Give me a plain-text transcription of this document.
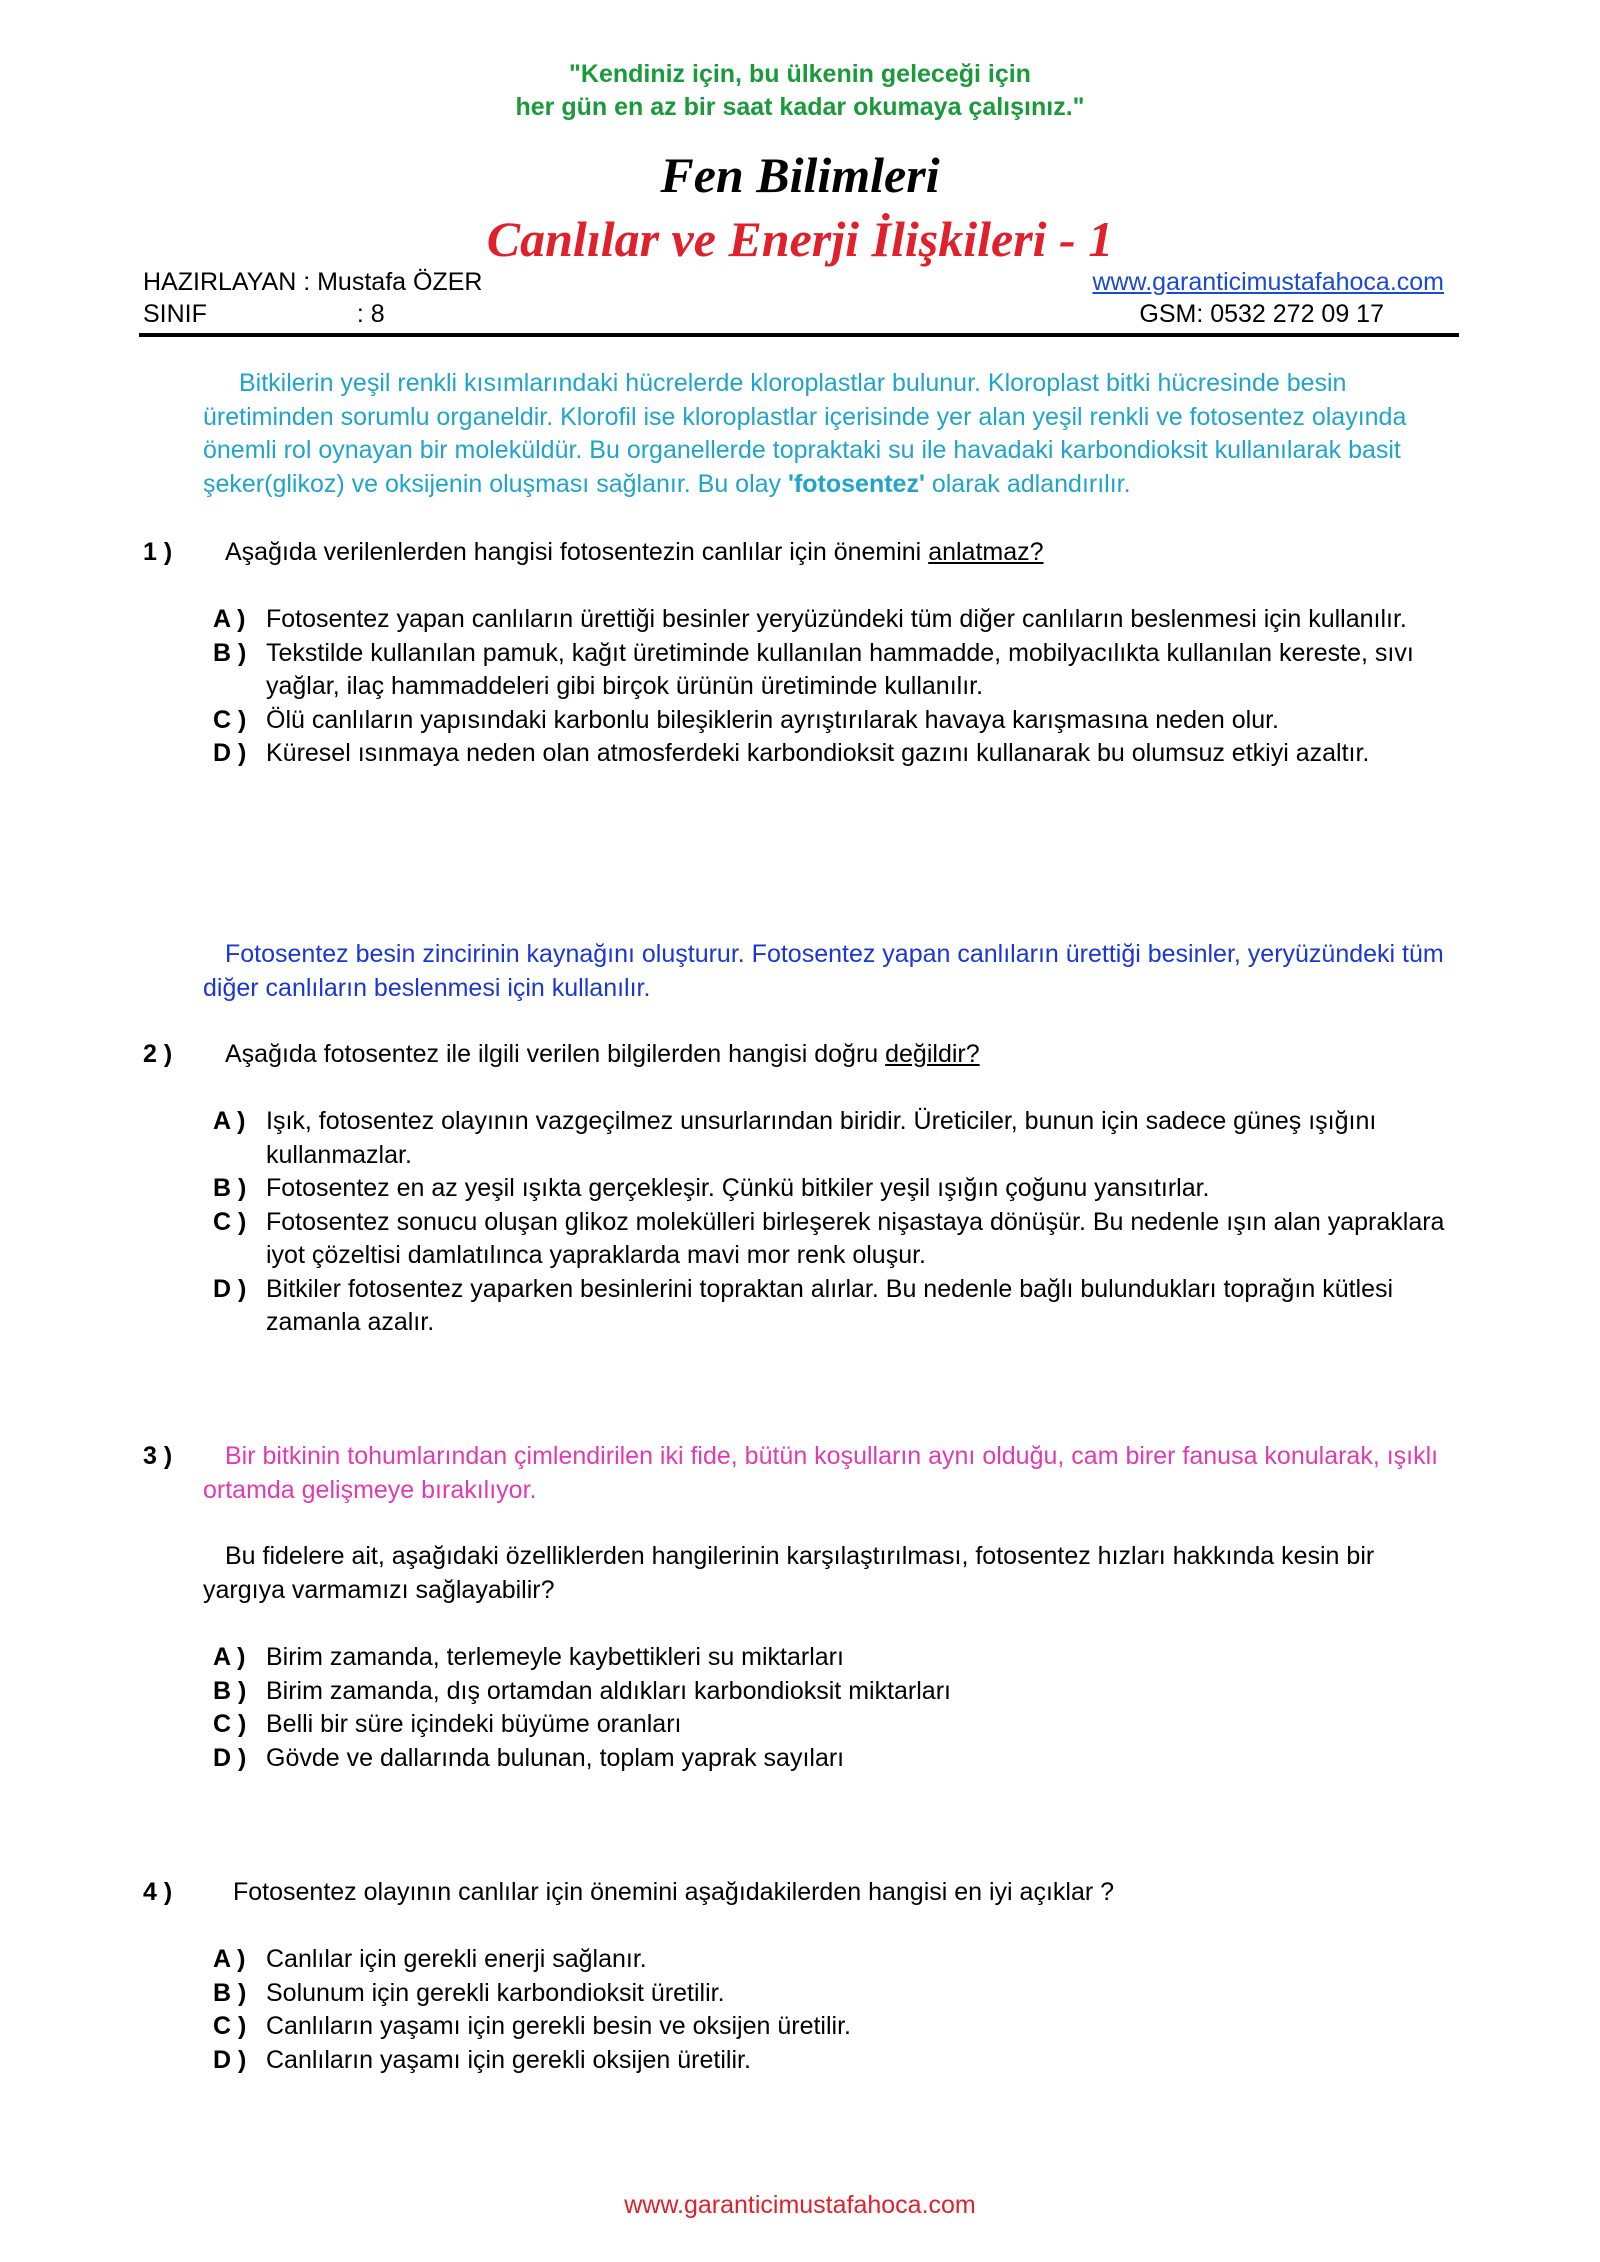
"Kendiniz için, bu ülkenin geleceği için
her gün en az bir saat kadar okumaya çalışınız."
Fen Bilimleri
Canlılar ve Enerji İlişkileri - 1
HAZIRLAYAN : Mustafa ÖZER
SINIF	: 8
www.garanticimustafahoca.com
GSM: 0532 272 09 17
Bitkilerin yeşil renkli kısımlarındaki hücrelerde kloroplastlar bulunur. Kloroplast bitki hücresinde besin üretiminden sorumlu organeldir. Klorofil ise kloroplastlar içerisinde yer alan yeşil renkli ve fotosentez olayında önemli rol oynayan bir moleküldür. Bu organellerde topraktaki su ile havadaki karbondioksit kullanılarak basit şeker(glikoz) ve oksijenin oluşması sağlanır. Bu olay 'fotosentez' olarak adlandırılır.
1 ) Aşağıda verilenlerden hangisi fotosentezin canlılar için önemini anlatmaz?
A ) Fotosentez yapan canlıların ürettiği besinler yeryüzündeki tüm diğer canlıların beslenmesi için kullanılır.
B ) Tekstilde kullanılan pamuk, kağıt üretiminde kullanılan hammadde, mobilyacılıkta kullanılan kereste, sıvı yağlar, ilaç hammaddeleri gibi birçok ürünün üretiminde kullanılır.
C ) Ölü canlıların yapısındaki karbonlu bileşiklerin ayrıştırılarak havaya karışmasına neden olur.
D ) Küresel ısınmaya neden olan atmosferdeki karbondioksit gazını kullanarak bu olumsuz etkiyi azaltır.
Fotosentez besin zincirinin kaynağını oluşturur. Fotosentez yapan canlıların ürettiği besinler, yeryüzündeki tüm diğer canlıların beslenmesi için kullanılır.
2 ) Aşağıda fotosentez ile ilgili verilen bilgilerden hangisi doğru değildir?
A ) Işık, fotosentez olayının vazgeçilmez unsurlarından biridir. Üreticiler, bunun için sadece güneş ışığını kullanmazlar.
B ) Fotosentez en az yeşil ışıkta gerçekleşir. Çünkü bitkiler yeşil ışığın çoğunu yansıtırlar.
C ) Fotosentez sonucu oluşan glikoz molekülleri birleşerek nişastaya dönüşür. Bu nedenle ışın alan yapraklara iyot çözeltisi damlatılınca yapraklarda mavi mor renk oluşur.
D ) Bitkiler fotosentez yaparken besinlerini topraktan alırlar. Bu nedenle bağlı bulundukları toprağın kütlesi zamanla azalır.
3 )	Bir bitkinin tohumlarından çimlendirilen iki fide, bütün koşulların aynı olduğu, cam birer fanusa konularak, ışıklı ortamda gelişmeye bırakılıyor.
Bu fidelere ait, aşağıdaki özelliklerden hangilerinin karşılaştırılması, fotosentez hızları hakkında kesin bir yargıya varmamızı sağlayabilir?
A ) Birim zamanda, terlemeyle kaybettikleri su miktarları
B ) Birim zamanda, dış ortamdan aldıkları karbondioksit miktarları
C ) Belli bir süre içindeki büyüme oranları
D ) Gövde ve dallarında bulunan, toplam yaprak sayıları
4 ) Fotosentez olayının canlılar için önemini aşağıdakilerden hangisi en iyi açıklar ?
A ) Canlılar için gerekli enerji sağlanır.
B ) Solunum için gerekli karbondioksit üretilir.
C ) Canlıların yaşamı için gerekli besin ve oksijen üretilir.
D ) Canlıların yaşamı için gerekli oksijen üretilir.
www.garanticimustafahoca.com
